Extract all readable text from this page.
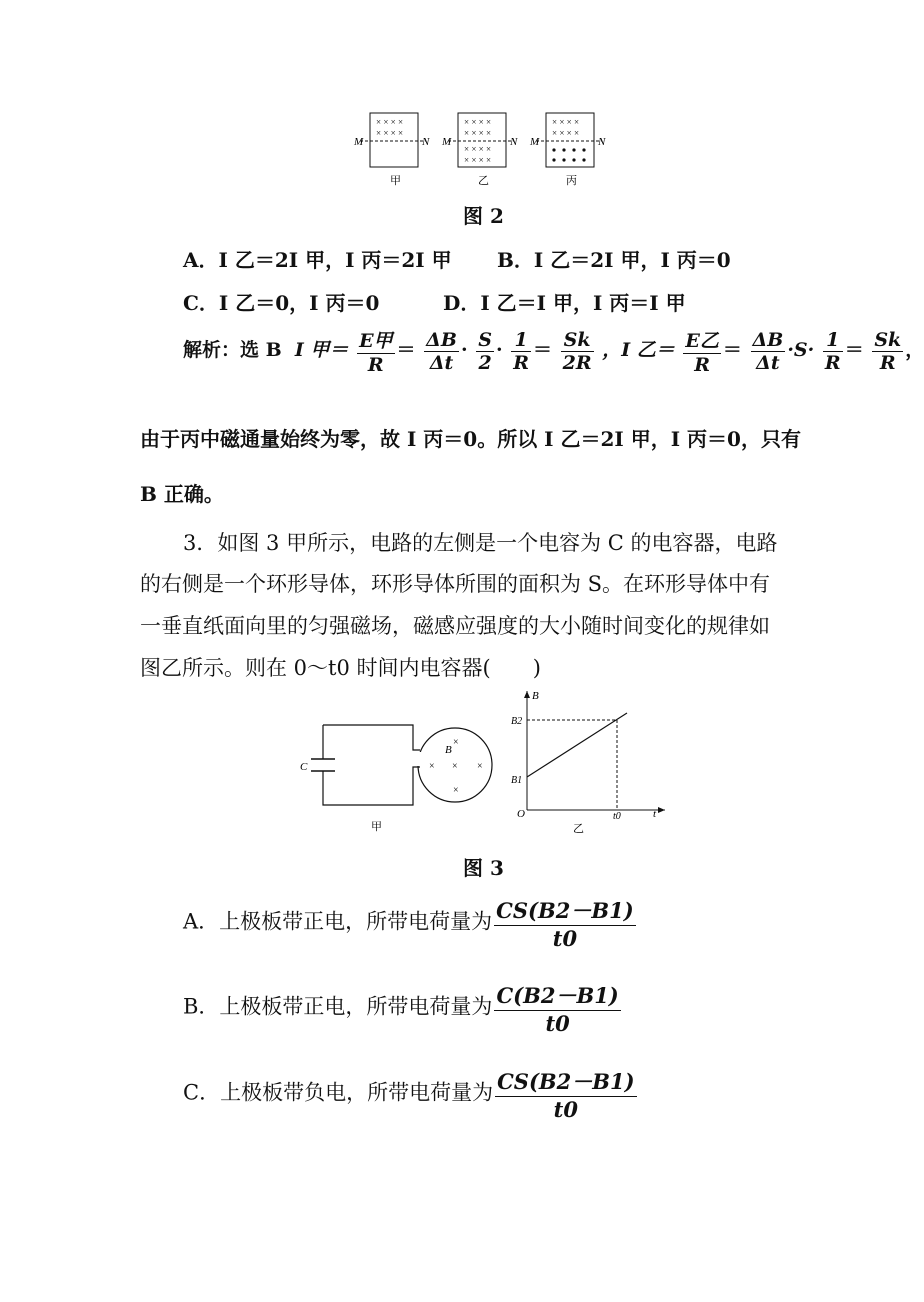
× × × ×
× × × ×
M	N
甲
× × × ×
× × × ×
× × × ×
× × × ×
M	N
乙
× × × ×
× × × ×
M	N
丙
图 2
A．I 乙＝2I 甲，I 丙＝2I 甲 B．I 乙＝2I 甲，I 丙＝0
C．I 乙＝0，I 丙＝0	D．I 乙＝I 甲，I 丙＝I 甲
解析：选 B I 甲＝ $\frac{\text{E甲}}{R} = \frac{\Delta B}{\Delta t} \cdot \frac{S}{2} \cdot \frac{1}{R} = \frac{Sk}{2R}$ ，I 乙＝ $\frac{\text{E乙}}{R} = \frac{\Delta B}{\Delta t} \cdot S\cdot \frac{1}{R} = \frac{Sk}{R}$ ，
由于丙中磁通量始终为零，故 I 丙＝0。所以 I 乙＝2I 甲，I 丙＝0，只有
B 正确。
3．如图 3 甲所示，电路的左侧是一个电容为 C 的电容器，电路
的右侧是一个环形导体，环形导体所围的面积为 S。在环形导体中有
一垂直纸面向里的匀强磁场，磁感应强度的大小随时间变化的规律如
图乙所示。则在 0～t0 时间内电容器(　　)
C
B
×
× × ×
×
甲
B
t
O
B1
B2
t0
乙
图 3
A．上极板带正电，所带电荷量为 $\frac{CS(B2-B1)}{t0}$
B．上极板带正电，所带电荷量为 $\frac{C(B2-B1)}{t0}$
C．上极板带负电，所带电荷量为 $\frac{CS(B2-B1)}{t0}$
